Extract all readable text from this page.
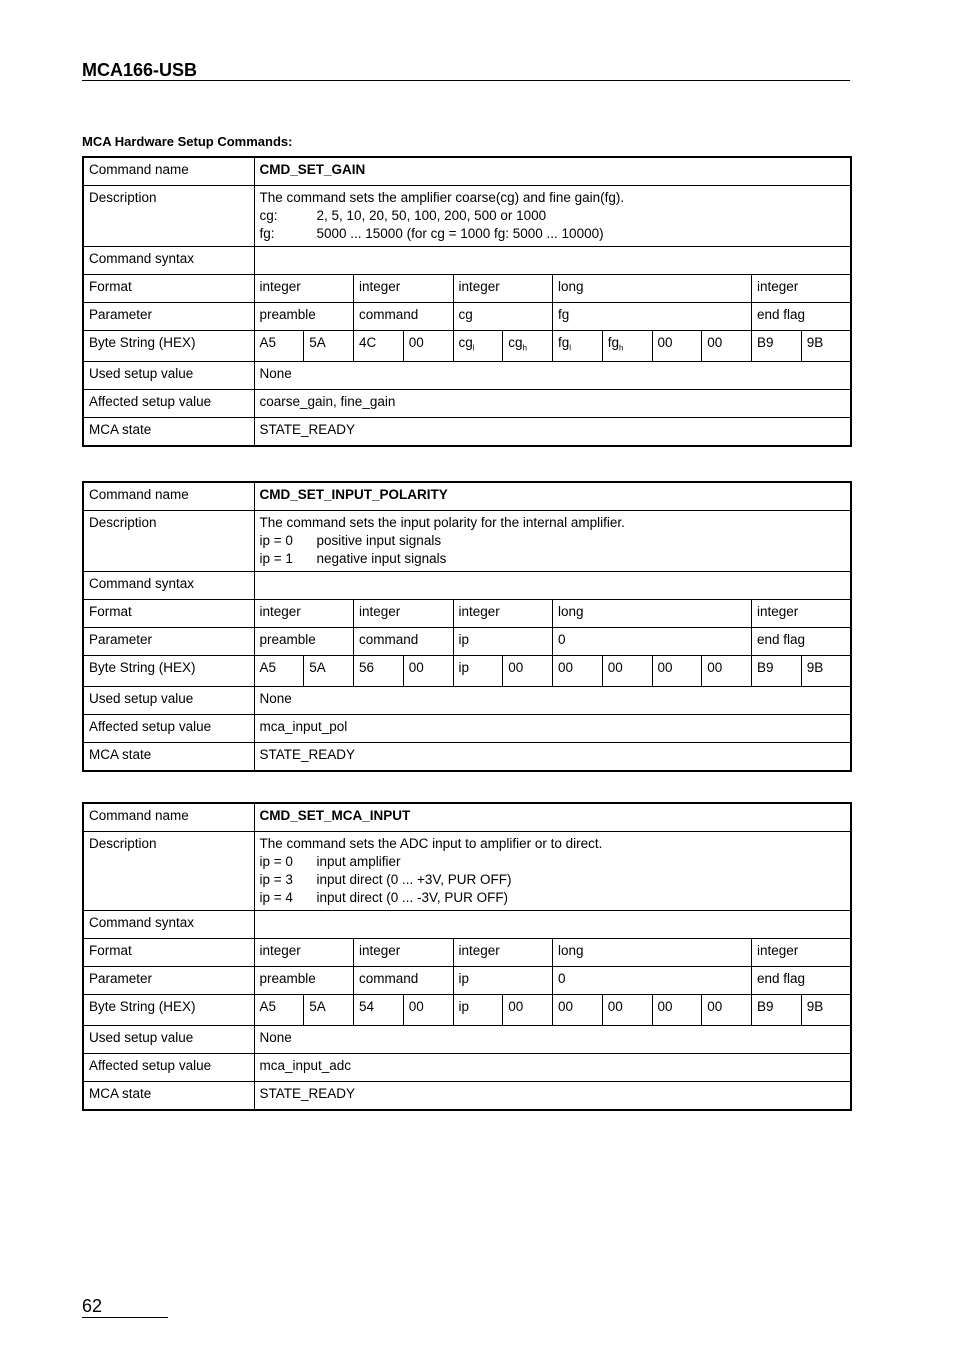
MCA166-USB
MCA Hardware Setup Commands:
Command name	CMD_SET_GAIN											
Description	The command sets the amplifier coarse(cg) and fine gain(fg).
cg: 2, 5, 10, 20, 50, 100, 200, 500 or 1000
fg: 5000 ... 15000 (for cg = 1000 fg: 5000 ... 10000)											

Command syntax												
Format	integer		integer		integer		long				integer	
Parameter	preamble		command		cg		fg				end flag	
Byte String (HEX)	A5	5A	4C	00	$cg_l$	$cg_h$	$fg_l$	$fg_h$	00	00	B9	9B
Used setup value	None											
Affected setup value	coarse_gain, fine_gain											
MCA state	STATE_READY											
Command name	CMD_SET_INPUT_POLARITY											
Description	The command sets the input polarity for the internal amplifier.
ip = 0 positive input signals
ip = 1 negative input signals											

Command syntax												
Format	integer		integer		integer		long				integer	
Parameter	preamble		command		ip		0				end flag	
Byte String (HEX)	A5	5A	56	00	ip	00	00	00	00	00	B9	9B
Used setup value	None											
Affected setup value	mca_input_pol											
MCA state	STATE_READY											
Command name	CMD_SET_MCA_INPUT											
Description	The command sets the ADC input to amplifier or to direct.
ip = 0 input amplifier
ip = 3 input direct (0 ... +3V, PUR OFF)
ip = 4 input direct (0 ... -3V, PUR OFF)											

Command syntax												
Format	integer		integer		integer		long				integer	
Parameter	preamble		command		ip		0				end flag	
Byte String (HEX)	A5	5A	54	00	ip	00	00	00	00	00	B9	9B
Used setup value	None											
Affected setup value	mca_input_adc											
MCA state	STATE_READY											
62
